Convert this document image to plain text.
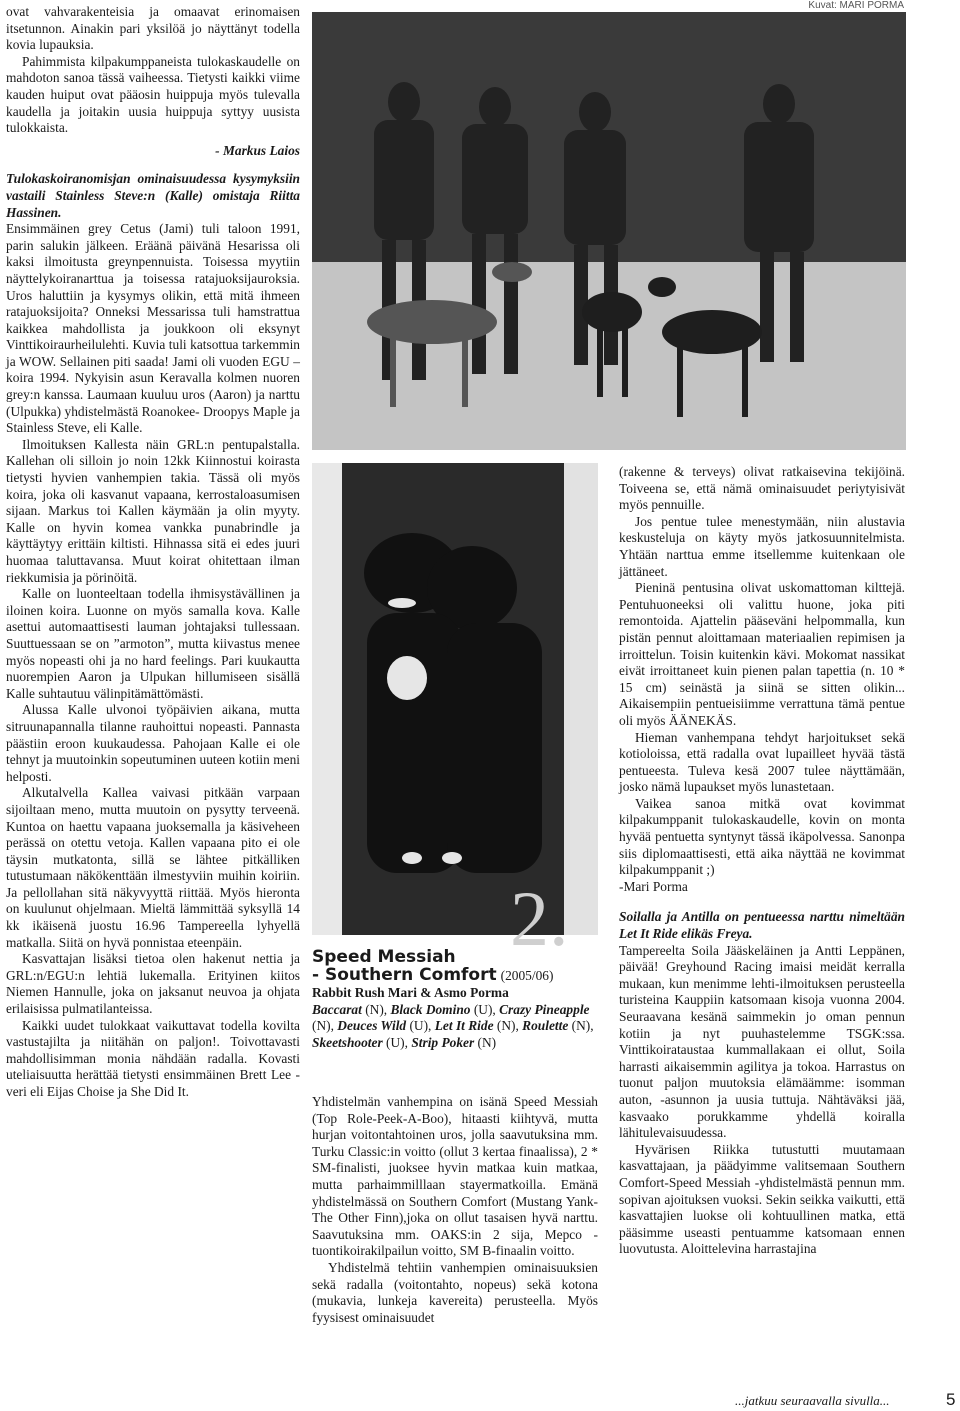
Kuvat: MARI PORMA

ovat vahvarakenteisia ja omaavat erinomaisen itsetunnon. Ainakin pari yksilöä jo näyttänyt todella kovia lupauksia.

Pahimmista kilpakumppaneista tulokaskaudelle on mahdoton sanoa tässä vaiheessa. Tietysti kaikki viime kauden huiput ovat pääosin huippuja myös tulevalla kaudella ja joitakin uusia huippuja syttyy uusista tulokkaista.

- Markus Laios

Tulokaskoiranomisjan ominaisuudessa kysymyksiin vastaili Stainless Steve:n (Kalle) omistaja Riitta Hassinen.

Ensimmäinen grey Cetus (Jami) tuli taloon 1991, parin salukin jälkeen. Eräänä päivänä Hesarissa oli kaksi ilmoitusta greynpennuista. Toisessa myytiin näyttelykoiranarttua ja toisessa ratajuoksijauroksia. Uros haluttiin ja kysymys olikin, että mitä ihmeen ratajuoksijoita? Onneksi Messarissa tuli hamstrattua kaikkea mahdollista ja joukkoon oli eksynyt Vinttikoiraurheilulehti. Kuvia tuli katsottua tarkemmin ja WOW. Sellainen piti saada! Jami oli vuoden EGU –koira 1994. Nykyisin asun Keravalla kolmen nuoren grey:n kanssa. Laumaan kuuluu uros (Aaron) ja narttu (Ulpukka) yhdistelmästä Roanokee- Droopys Maple ja Stainless Steve, eli Kalle.

Ilmoituksen Kallesta näin GRL:n pentupalstalla. Kallehan oli silloin jo noin 12kk Kiinnostui koirasta tietysti hyvien vanhempien takia. Tässä oli myös koira, joka oli kasvanut vapaana, kerrostaloasumisen sijaan. Markus toi Kallen käymään ja olin myyty. Kalle on hyvin komea vankka punabrindle ja käyttäytyy erittäin kiltisti. Hihnassa sitä ei edes juuri huomaa taluttavansa. Muut koirat ohitettaan ilman riekkumisia ja pörinöitä.

Kalle on luonteeltaan todella ihmisystävällinen ja iloinen koira. Luonne on myös samalla kova. Kalle asettui automaattisesti lauman johtajaksi tullessaan. Suuttuessaan se on ”armoton”, mutta kiivastus menee myös nopeasti ohi ja no hard feelings. Pari kuukautta nuorempien Aaron ja Ulpukan hillumiseen sisällä Kalle suhtautuu välinpitämättömästi.

Alussa Kalle ulvonoi työpäivien aikana, mutta sitruunapannalla tilanne rauhoittui nopeasti. Pannasta päästiin eroon kuukaudessa. Pahojaan Kalle ei ole tehnyt ja muutoinkin sopeutuminen uuteen kotiin meni helposti.

Alkutalvella Kallea vaivasi pitkään varpaan sijoiltaan meno, mutta muutoin on pysytty terveenä. Kuntoa on haettu vapaana juoksemalla ja käsiveheen perässä on otettu vetoja. Kallen vapaana pito ei ole täysin mutkatonta, sillä se lähtee pitkälliken tutustumaan näkökenttään ilmestyviin muihin koiriin. Ja pellollahan sitä näkyvyyttä riittää. Myös hieronta on kuulunut ohjelmaan. Mieltä lämmittää syksyllä 14 kk ikäisenä juostu 16.96 Tampereella lyhyellä matkalla. Siitä on hyvä ponnistaa eteenpäin.

Kasvattajan lisäksi tietoa olen hakenut nettia ja GRL:n/EGU:n lehtiä lukemalla. Erityinen kiitos Niemen Hannulle, joka on jaksanut neuvoa ja ohjata erilaisissa pulmatilanteissa.

Kaikki uudet tulokkaat vaikuttavat todella kovilta vastustajilta ja niitähän on paljon!. Toivottavasti mahdollisimman monia nähdään radalla. Kovasti uteliaisuutta herättää tietysti ensimmäinen Brett Lee -veri eli Eijas Choise ja She Did It.

2.
Speed Messiah
- Southern Comfort (2005/06)
Rabbit Rush Mari & Asmo Porma
Baccarat (N), Black Domino (U), Crazy Pineapple (N), Deuces Wild (U), Let It Ride (N), Roulette (N), Skeetshooter (U), Strip Poker (N)

Yhdistelmän vanhempina on isänä Speed Messiah (Top Role-Peek-A-Boo), hitaasti kiihtyvä, mutta hurjan voitontahtoinen uros, jolla saavutuksina mm. Turku Classic:in voitto (ollut 3 kertaa finaalissa), 2 * SM-finalisti, juoksee hyvin matkaa kuin matkaa, mutta parhaimmilllaan stayermatkoilla. Emänä yhdistelmässä on Southern Comfort (Mustang Yank-The Other Finn),joka on ollut tasaisen hyvä narttu. Saavutuksina mm. OAKS:in 2 sija, Mepco -tuontikoirakilpailun voitto, SM B-finaalin voitto.

Yhdistelmä tehtiin vanhempien ominaisuuksien sekä radalla (voitontahto, nopeus) sekä kotona (mukavia, lunkeja kavereita) perusteella. Myös fyysisest ominaisuudet

(rakenne & terveys) olivat ratkaisevina tekijöinä. Toiveena se, että nämä ominaisuudet periytyisivät myös pennuille.

Jos pentue tulee menestymään, niin alustavia keskusteluja on käyty myös jatkosuunnitelmista. Yhtään narttua emme itsellemme kuitenkaan ole jättäneet.

Pieninä pentusina olivat uskomattoman kilttejä. Pentuhuoneeksi oli valittu huone, joka piti remontoida. Ajattelin pääseväni helpommalla, kun pistän pennut aloittamaan materiaalien repimisen ja irroittelun. Toisin kuitenkin kävi. Mokomat nassikat eivät irroittaneet kuin pienen palan tapettia (n. 10 * 15 cm) seinästä ja siinä se sitten olikin... Aikaisempiin pentueisiimme verrattuna tämä pentue oli myös ÄÄNEKÄS.

Hieman vanhempana tehdyt harjoitukset sekä kotioloissa, että radalla ovat lupailleet hyvää tästä pentueesta. Tuleva kesä 2007 tulee näyttämään, josko nämä lupaukset myös lunastetaan.

Vaikea sanoa mitkä ovat kovimmat kilpakumppanit tulokaskaudelle, kovin on monta hyvää pentuetta syntynyt tässä ikäpolvessa. Sanonpa siis diplomaattisesti, että aika näyttää ne kovimmat kilpakumppanit ;)

-Mari Porma

Soilalla ja Antilla on pentueessa narttu nimeltään Let It Ride elikäs Freya.

Tampereelta Soila Jääskeläinen ja Antti Leppänen, päivää! Greyhound Racing imaisi meidät kerralla mukaan, kun menimme lehti-ilmoituksen perusteella turisteina Kauppiin katsomaan kisoja vuonna 2004. Seuraavana kesänä saimmekin jo oman pennun kotiin ja nyt puuhastelemme TSGK:ssa. Vinttikoirataustaa kummallakaan ei ollut, Soila harrasti aikaisemmin agilitya ja tokoa. Harrastus on tuonut paljon muutoksia elämäämme: isomman auton, -asunnon ja uusia tuttuja. Nähtäväksi jää, kasvaako porukkamme yhdellä koiralla lähitulevaisuudessa.

Hyvärisen Riikka tutustutti muutamaan kasvattajaan, ja päädyimme valitsemaan Southern Comfort-Speed Messiah -yhdistelmästä pennun mm. sopivan ajoituksen vuoksi. Sekin seikka vaikutti, että kasvattajien luokse oli kohtuullinen matka, että pääsimme useasti pentuamme katsomaan ennen luovutusta. Aloittelevina harrastajina

...jatkuu seuraavalla sivulla...	5
